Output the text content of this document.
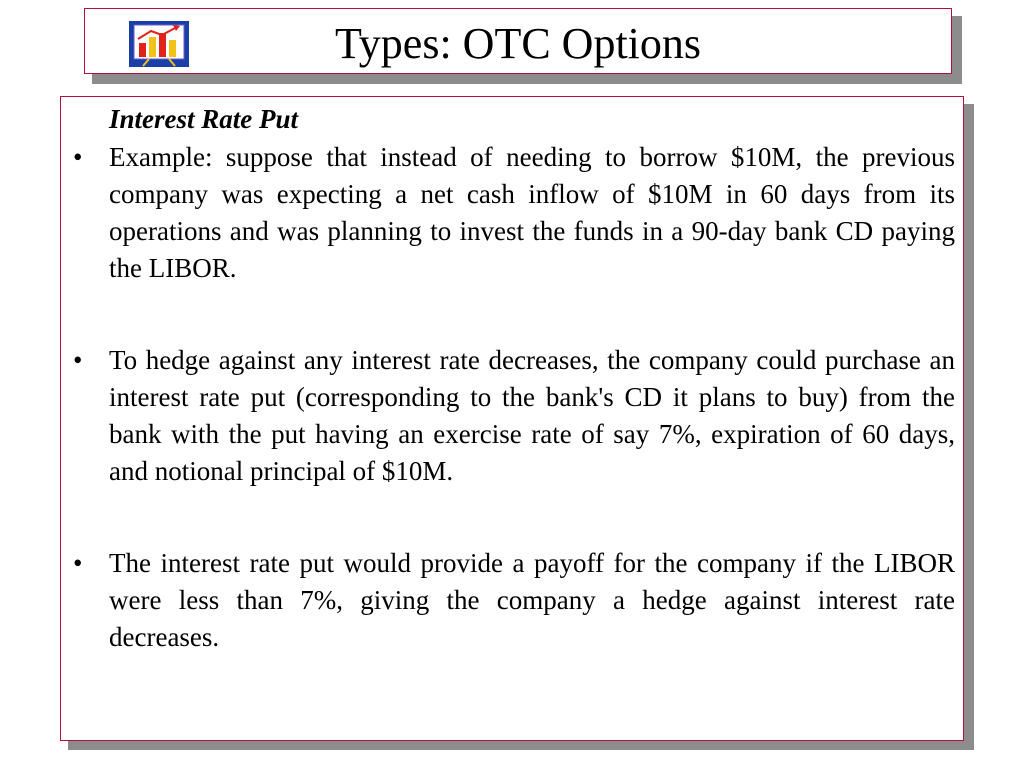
Types: OTC Options
Interest Rate Put

• Example: suppose that instead of needing to borrow $10M, the previous company was expecting a net cash inflow of $10M in 60 days from its operations and was planning to invest the funds in a 90-day bank CD paying the LIBOR.

• To hedge against any interest rate decreases, the company could purchase an interest rate put (corresponding to the bank's CD it plans to buy) from the bank with the put having an exercise rate of say 7%, expiration of 60 days, and notional principal of $10M.

• The interest rate put would provide a payoff for the company if the LIBOR were less than 7%, giving the company a hedge against interest rate decreases.
